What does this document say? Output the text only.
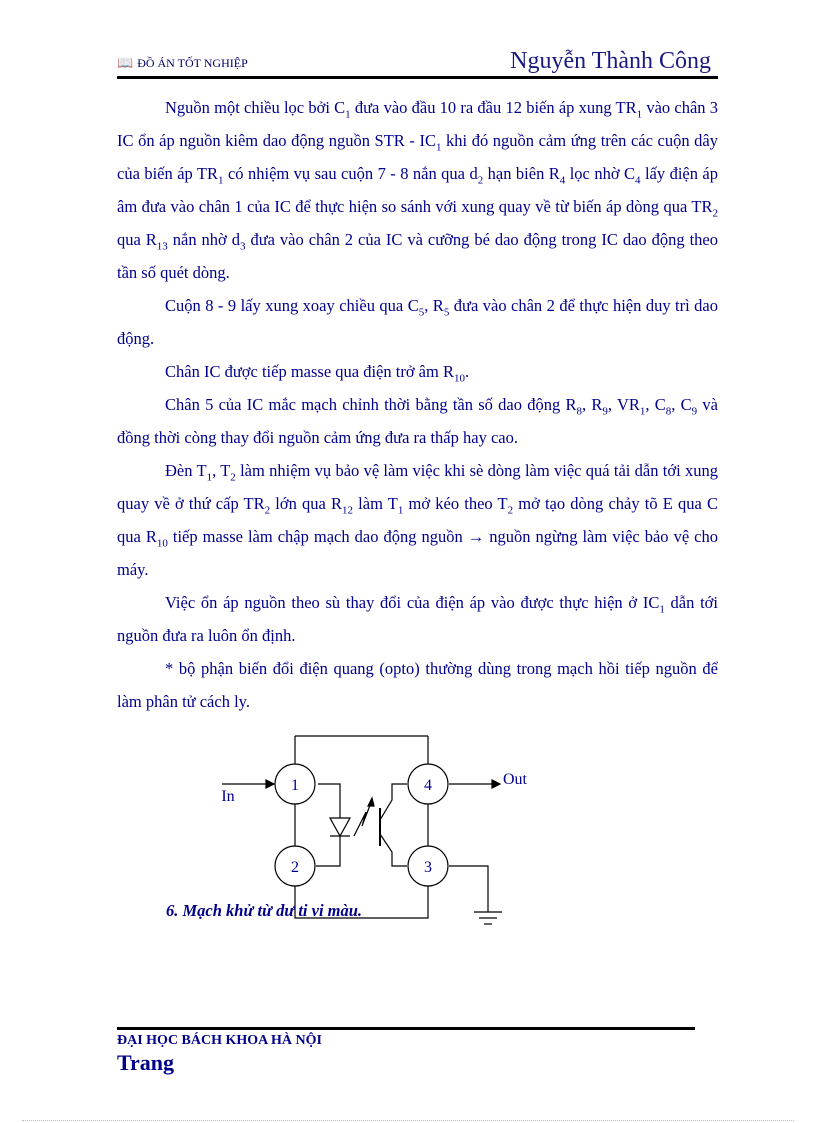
📖 ĐỒ ÁN TỐT NGHIỆP	Nguyễn Thành Công

Nguồn một chiều lọc bởi $C_1$ đưa vào đầu 10 ra đầu 12 biến áp xung $TR_1$ vào chân 3 IC ổn áp nguồn kiêm dao động nguồn STR - $IC_1$ khi đó nguồn cảm ứng trên các cuộn dây của biến áp $TR_1$ có nhiệm vụ sau cuộn 7 - 8 nắn qua $d_2$ hạn biên $R_4$ lọc nhờ $C_4$ lấy điện áp âm đưa vào chân 1 của IC để thực hiện so sánh với xung quay về từ biến áp dòng qua $TR_2$ qua $R_{13}$ nắn nhờ $d_3$ đưa vào chân 2 của IC và cưỡng bé dao động trong IC dao động theo tần số quét dòng.

Cuộn 8 - 9 lấy xung xoay chiều qua $C_5$, $R_5$ đưa vào chân 2 để thực hiện duy trì dao động.

Chân IC được tiếp masse qua điện trở âm $R_{10}$.

Chân 5 của IC mắc mạch chỉnh thời bằng tần số dao động $R_8$, $R_9$, $VR_1$, $C_8$, $C_9$ và đồng thời còng thay đổi nguồn cảm ứng đưa ra thấp hay cao.

Đèn $T_1$, $T_2$ làm nhiệm vụ bảo vệ làm việc khi sè dòng làm việc quá tải dẫn tới xung quay về ở thứ cấp $TR_2$ lớn qua $R_{12}$ làm $T_1$ mở kéo theo $T_2$ mở tạo dòng chảy tõ E qua C qua $R_{10}$ tiếp masse làm chập mạch dao động nguồn → nguồn ngừng làm việc bảo vệ cho máy.

Việc ổn áp nguồn theo sù thay đổi của điện áp vào được thực hiện ở $IC_1$ dẫn tới nguồn đưa ra luôn ổn định.

* bộ phận biến đổi điện quang (opto) thường dùng trong mạch hồi tiếp nguồn để làm phân tử cách ly.

1
2	3
4
In
Out
6. Mạch khử từ dư ti vi màu.
ĐẠI HỌC BÁCH KHOA HÀ NỘI
Trang
